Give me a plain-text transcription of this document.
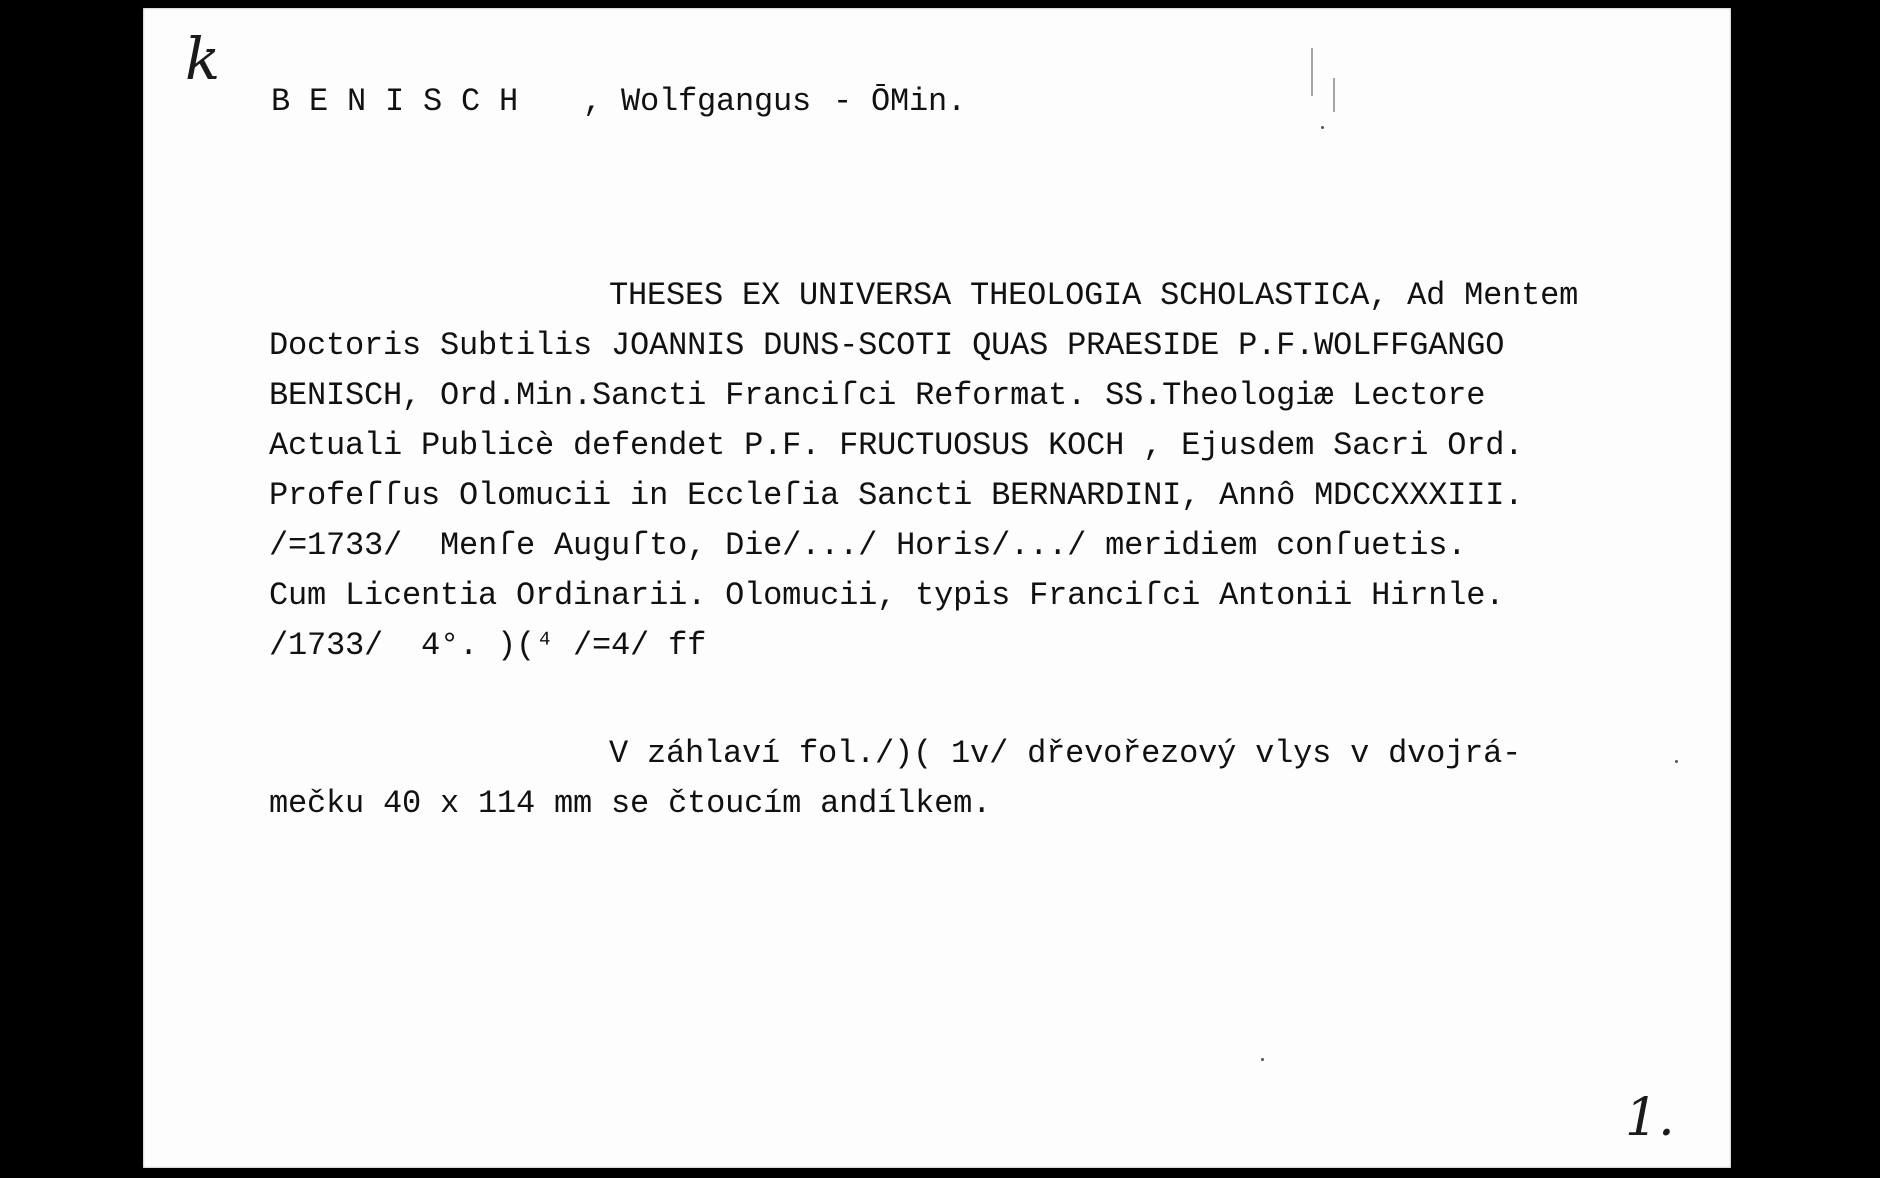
k
B E N I S C H , Wolfgangus - ŌMin.
THESES EX UNIVERSA THEOLOGIA SCHOLASTICA, Ad Mentem
Doctoris Subtilis JOANNIS DUNS-SCOTI QUAS PRAESIDE P.F.WOLFFGANGO
BENISCH, Ord.Min.Sancti Franciſci Reformat. SS.Theologiæ Lectore
Actuali Publicè defendet P.F. FRUCTUOSUS KOCH , Ejusdem Sacri Ord.
Profeſſus Olomucii in Eccleſia Sancti BERNARDINI, Annô MDCCXXXIII.
/=1733/  Menſe Auguſto, Die/.../ Horis/.../ meridiem conſuetis.
Cum Licentia Ordinarii. Olomucii, typis Franciſci Antonii Hirnle.
/1733/  4°. )(⁴ /=4/ ff
V záhlaví fol./)( 1v/ dřevořezový vlys v dvojrá-
mečku 40 x 114 mm se čtoucím andílkem.
1.
